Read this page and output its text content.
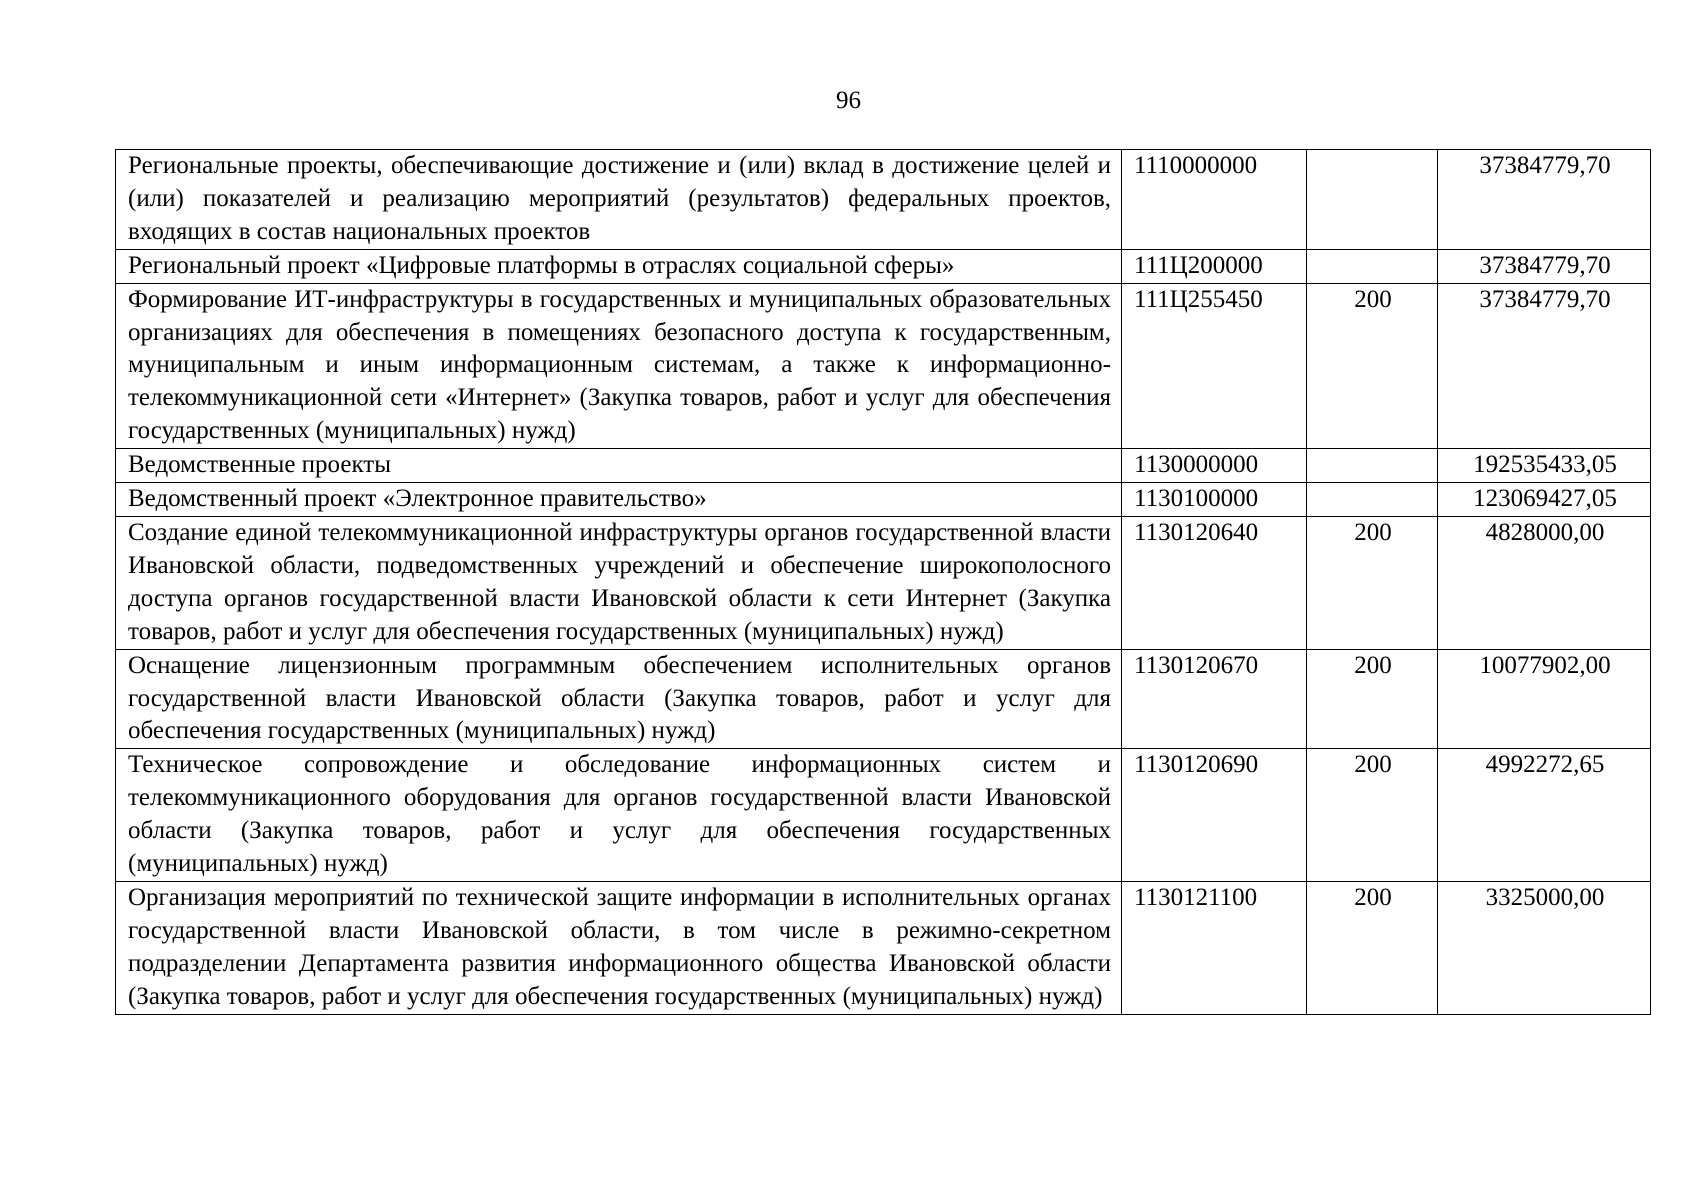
96
Региональные проекты, обеспечивающие достижение и (или) вклад в достижение целей и (или) показателей и реализацию мероприятий (результатов) федеральных проектов, входящих в состав национальных проектов	1110000000		37384779,70
Региональный проект «Цифровые платформы в отраслях социальной сферы»	111Ц200000		37384779,70
Формирование ИТ-инфраструктуры в государственных и муниципальных образовательных организациях для обеспечения в помещениях безопасного доступа к государственным, муниципальным и иным информационным системам, а также к информационно-телекоммуникационной сети «Интернет» (Закупка товаров, работ и услуг для обеспечения государственных (муниципальных) нужд)	111Ц255450	200	37384779,70
Ведомственные проекты	1130000000		192535433,05
Ведомственный проект «Электронное правительство»	1130100000		123069427,05
Создание единой телекоммуникационной инфраструктуры органов государственной власти Ивановской области, подведомственных учреждений и обеспечение широкополосного доступа органов государственной власти Ивановской области к сети Интернет (Закупка товаров, работ и услуг для обеспечения государственных (муниципальных) нужд)	1130120640	200	4828000,00
Оснащение лицензионным программным обеспечением исполнительных органов государственной власти Ивановской области (Закупка товаров, работ и услуг для обеспечения государственных (муниципальных) нужд)	1130120670	200	10077902,00
Техническое сопровождение и обследование информационных систем и телекоммуникационного оборудования для органов государственной власти Ивановской области (Закупка товаров, работ и услуг для обеспечения государственных (муниципальных) нужд)	1130120690	200	4992272,65
Организация мероприятий по технической защите информации в исполнительных органах государственной власти Ивановской области, в том числе в режимно-секретном подразделении Департамента развития информационного общества Ивановской области (Закупка товаров, работ и услуг для обеспечения государственных (муниципальных) нужд)	1130121100	200	3325000,00
